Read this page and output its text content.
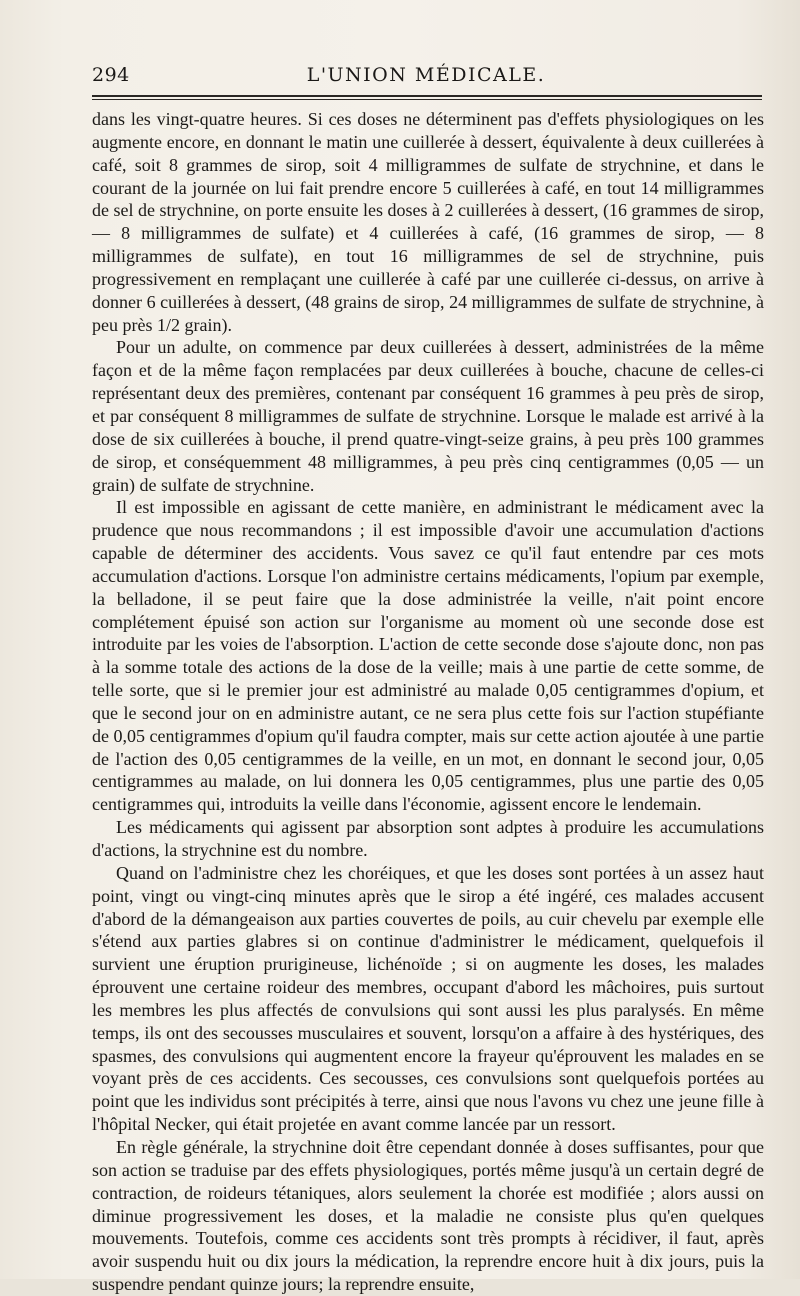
294	L'UNION MÉDICALE.

dans les vingt-quatre heures. Si ces doses ne déterminent pas d'effets physiologiques on les augmente encore, en donnant le matin une cuillerée à dessert, équivalente à deux cuillerées à café, soit 8 grammes de sirop, soit 4 milligrammes de sulfate de strychnine, et dans le courant de la journée on lui fait prendre encore 5 cuillerées à café, en tout 14 milligrammes de sel de strychnine, on porte ensuite les doses à 2 cuillerées à dessert, (16 grammes de sirop, — 8 milligrammes de sulfate) et 4 cuillerées à café, (16 grammes de sirop, — 8 milligrammes de sulfate), en tout 16 milligrammes de sel de strychnine, puis progressivement en remplaçant une cuillerée à café par une cuillerée ci-dessus, on arrive à donner 6 cuillerées à dessert, (48 grains de sirop, 24 milligrammes de sulfate de strychnine, à peu près 1/2 grain).

Pour un adulte, on commence par deux cuillerées à dessert, administrées de la même façon et de la même façon remplacées par deux cuillerées à bouche, chacune de celles-ci représentant deux des premières, contenant par conséquent 16 grammes à peu près de sirop, et par conséquent 8 milligrammes de sulfate de strychnine. Lorsque le malade est arrivé à la dose de six cuillerées à bouche, il prend quatre-vingt-seize grains, à peu près 100 grammes de sirop, et conséquemment 48 milligrammes, à peu près cinq centigrammes (0,05 — un grain) de sulfate de strychnine.

Il est impossible en agissant de cette manière, en administrant le médicament avec la prudence que nous recommandons ; il est impossible d'avoir une accumulation d'actions capable de déterminer des accidents. Vous savez ce qu'il faut entendre par ces mots accumulation d'actions. Lorsque l'on administre certains médicaments, l'opium par exemple, la belladone, il se peut faire que la dose administrée la veille, n'ait point encore complétement épuisé son action sur l'organisme au moment où une seconde dose est introduite par les voies de l'absorption. L'action de cette seconde dose s'ajoute donc, non pas à la somme totale des actions de la dose de la veille; mais à une partie de cette somme, de telle sorte, que si le premier jour est administré au malade 0,05 centigrammes d'opium, et que le second jour on en administre autant, ce ne sera plus cette fois sur l'action stupéfiante de 0,05 centigrammes d'opium qu'il faudra compter, mais sur cette action ajoutée à une partie de l'action des 0,05 centigrammes de la veille, en un mot, en donnant le second jour, 0,05 centigrammes au malade, on lui donnera les 0,05 centigrammes, plus une partie des 0,05 centigrammes qui, introduits la veille dans l'économie, agissent encore le lendemain.

Les médicaments qui agissent par absorption sont adptes à produire les accumulations d'actions, la strychnine est du nombre.

Quand on l'administre chez les choréiques, et que les doses sont portées à un assez haut point, vingt ou vingt-cinq minutes après que le sirop a été ingéré, ces malades accusent d'abord de la démangeaison aux parties couvertes de poils, au cuir chevelu par exemple elle s'étend aux parties glabres si on continue d'administrer le médicament, quelquefois il survient une éruption prurigineuse, lichénoïde ; si on augmente les doses, les malades éprouvent une certaine roideur des membres, occupant d'abord les mâchoires, puis surtout les membres les plus affectés de convulsions qui sont aussi les plus paralysés. En même temps, ils ont des secousses musculaires et souvent, lorsqu'on a affaire à des hystériques, des spasmes, des convulsions qui augmentent encore la frayeur qu'éprouvent les malades en se voyant près de ces accidents. Ces secousses, ces convulsions sont quelquefois portées au point que les individus sont précipités à terre, ainsi que nous l'avons vu chez une jeune fille à l'hôpital Necker, qui était projetée en avant comme lancée par un ressort.

En règle générale, la strychnine doit être cependant donnée à doses suffisantes, pour que son action se traduise par des effets physiologiques, portés même jusqu'à un certain degré de contraction, de roideurs tétaniques, alors seulement la chorée est modifiée ; alors aussi on diminue progressivement les doses, et la maladie ne consiste plus qu'en quelques mouvements. Toutefois, comme ces accidents sont très prompts à récidiver, il faut, après avoir suspendu huit ou dix jours la médication, la reprendre encore huit à dix jours, puis la suspendre pendant quinze jours; la reprendre ensuite,
